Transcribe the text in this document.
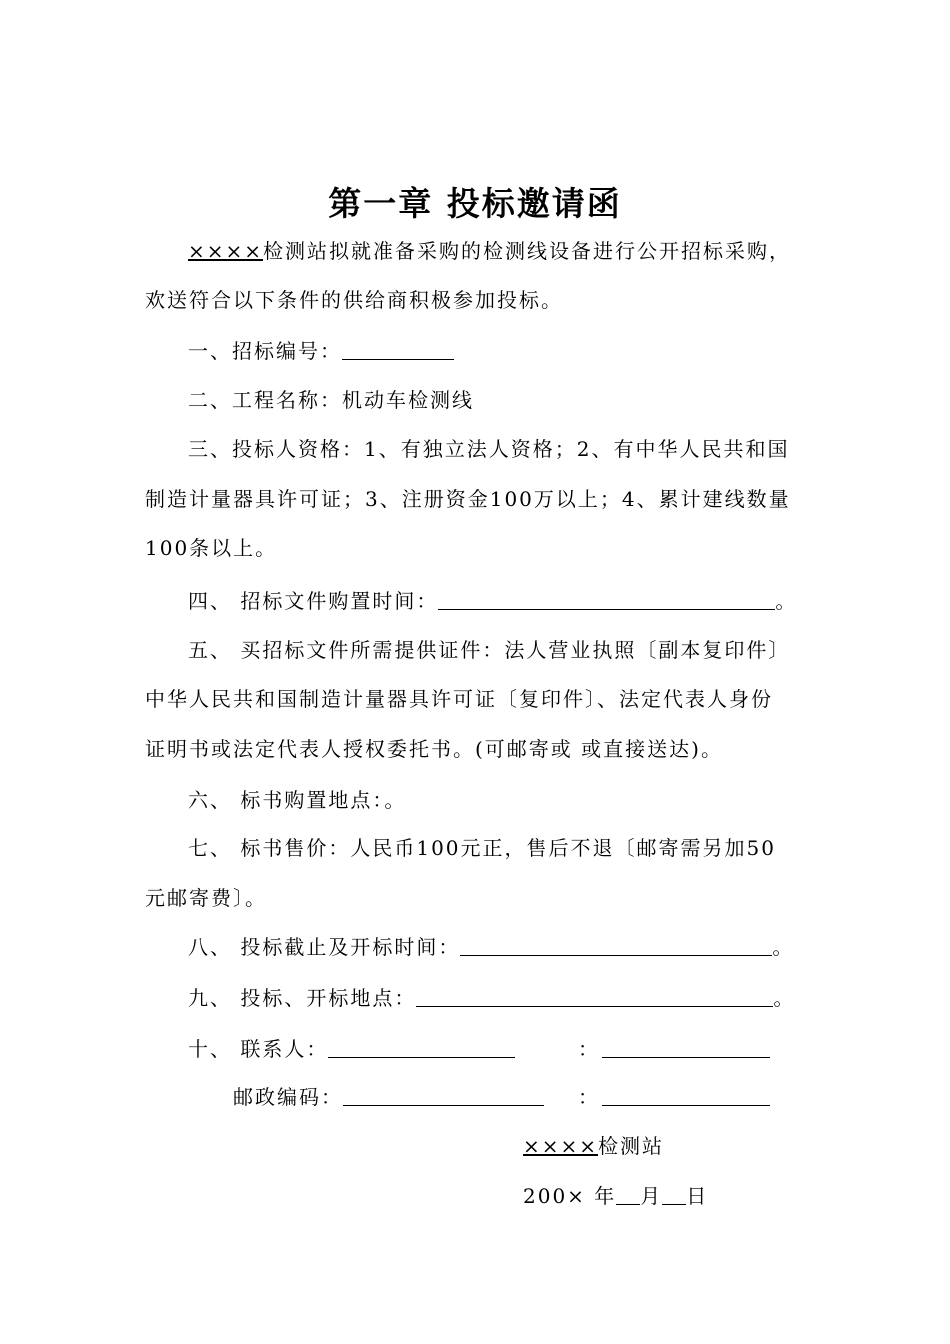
第一章 投标邀请函
××××检测站拟就准备采购的检测线设备进行公开招标采购，
欢送符合以下条件的供给商积极参加投标。
一、招标编号：
二、工程名称：机动车检测线
三、投标人资格：1、有独立法人资格；2、有中华人民共和国
制造计量器具许可证；3、注册资金100万以上；4、累计建线数量
100条以上。
四、 招标文件购置时间：	。
五、 买招标文件所需提供证件：法人营业执照〔副本复印件〕
中华人民共和国制造计量器具许可证〔复印件〕、法定代表人身份
证明书或法定代表人授权委托书。(可邮寄或 或直接送达)。
六、 标书购置地点：。
七、 标书售价：人民币100元正，售后不退〔邮寄需另加50
元邮寄费〕。
八、 投标截止及开标时间：	。
九、 投标、开标地点：	。
十、 联系人：	：
邮政编码：	：
××××检测站
200× 年 月 日
